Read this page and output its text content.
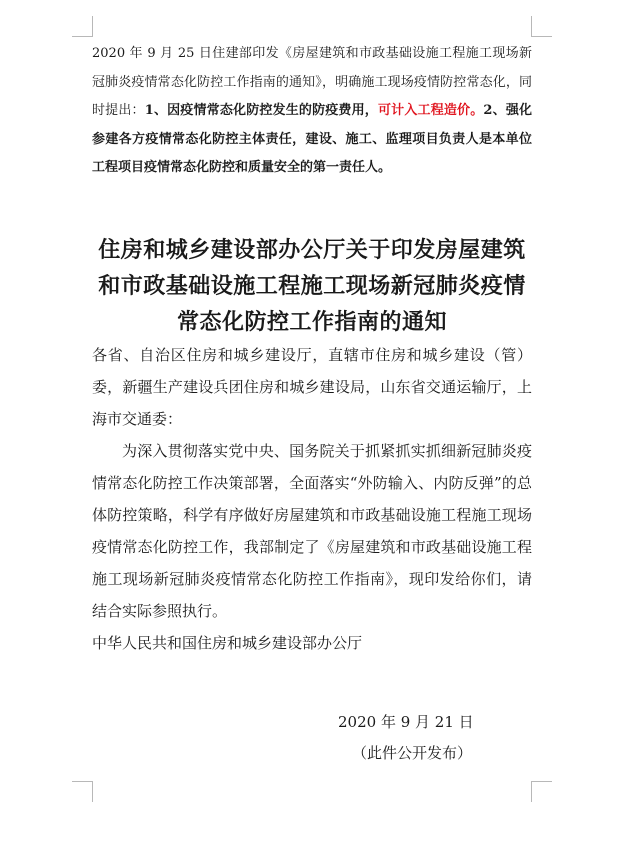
2020 年 9 月 25 日住建部印发《房屋建筑和市政基础设施工程施工现场新冠肺炎疫情常态化防控工作指南的通知》，明确施工现场疫情防控常态化，同时提出：1、因疫情常态化防控发生的防疫费用，可计入工程造价。2、强化参建各方疫情常态化防控主体责任，建设、施工、监理项目负责人是本单位工程项目疫情常态化防控和质量安全的第一责任人。
住房和城乡建设部办公厅关于印发房屋建筑和市政基础设施工程施工现场新冠肺炎疫情常态化防控工作指南的通知

各省、自治区住房和城乡建设厅，直辖市住房和城乡建设（管）委，新疆生产建设兵团住房和城乡建设局，山东省交通运输厅，上海市交通委：

为深入贯彻落实党中央、国务院关于抓紧抓实抓细新冠肺炎疫情常态化防控工作决策部署，全面落实“外防输入、内防反弹”的总体防控策略，科学有序做好房屋建筑和市政基础设施工程施工现场疫情常态化防控工作，我部制定了《房屋建筑和市政基础设施工程施工现场新冠肺炎疫情常态化防控工作指南》，现印发给你们，请结合实际参照执行。

中华人民共和国住房和城乡建设部办公厅

2020 年 9 月 21 日
（此件公开发布）
